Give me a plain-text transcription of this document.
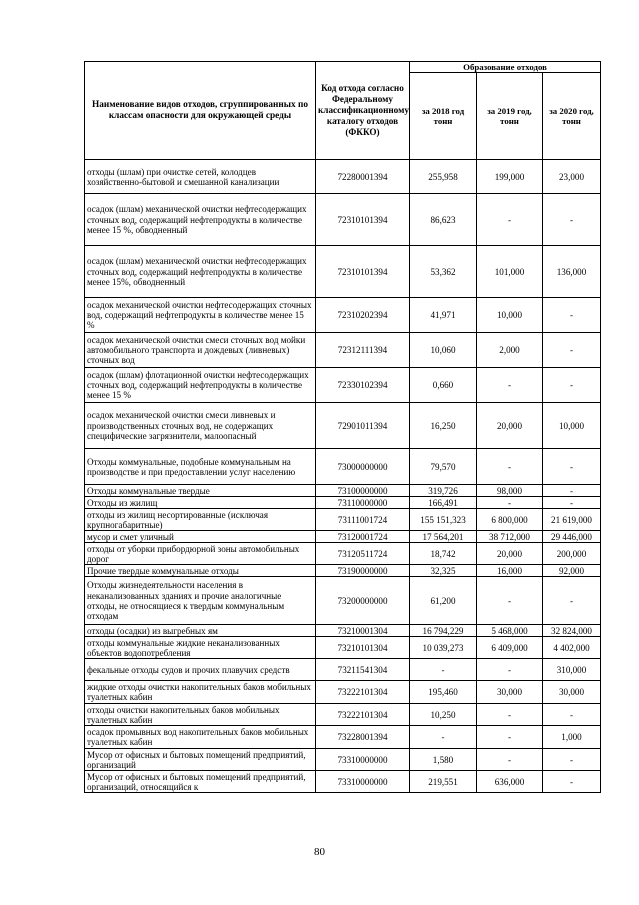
Наименование видов отходов, сгруппированных по классам опасности для окружающей среды	Код отхода согласно Федеральному классификационному каталогу отходов (ФККО)	Образование отходов		
		за 2018 год тонн	за 2019 год, тонн	за 2020 год, тонн
отходы (шлам) при очистке сетей, колодцев хозяйственно-бытовой и смешанной канализации	72280001394	255,958	199,000	23,000
осадок (шлам) механической очистки нефтесодержащих сточных вод, содержащий нефтепродукты в количестве менее 15 %, обводненный	72310101394	86,623	-	-
осадок (шлам) механической очистки нефтесодержащих сточных вод, содержащий нефтепродукты в количестве менее 15%, обводненный	72310101394	53,362	101,000	136,000
осадок механической очистки нефтесодержащих сточных вод, содержащий нефтепродукты в количестве менее 15 %	72310202394	41,971	10,000	-
осадок механической очистки смеси сточных вод мойки автомобильного транспорта и дождевых (ливневых) сточных вод	72312111394	10,060	2,000	-
осадок (шлам) флотационной очистки нефтесодержащих сточных вод, содержащий нефтепродукты в количестве менее 15 %	72330102394	0,660	-	-
осадок механической очистки смеси ливневых и производственных сточных вод, не содержащих специфические загрязнители, малоопасный	72901011394	16,250	20,000	10,000
Отходы коммунальные, подобные коммунальным на производстве и при предоставлении услуг населению	73000000000	79,570	-	-
Отходы коммунальные твердые	73100000000	319,726	98,000	-
Отходы из жилищ	73110000000	166,491	-	-
отходы из жилищ несортированные (исключая крупногабаритные)	73111001724	155 151,323	6 800,000	21 619,000
мусор и смет уличный	73120001724	17 564,201	38 712,000	29 446,000
отходы от уборки прибордюрной зоны автомобильных дорог	73120511724	18,742	20,000	200,000
Прочие твердые коммунальные отходы	73190000000	32,325	16,000	92,000
Отходы жизнедеятельности населения в неканализованных зданиях и прочие аналогичные отходы, не относящиеся к твердым коммунальным отходам	73200000000	61,200	-	-
отходы (осадки) из выгребных ям	73210001304	16 794,229	5 468,000	32 824,000
отходы коммунальные жидкие неканализованных объектов водопотребления	73210101304	10 039,273	6 409,000	4 402,000
фекальные отходы судов и прочих плавучих средств	73211541304	-	-	310,000
жидкие отходы очистки накопительных баков мобильных туалетных кабин	73222101304	195,460	30,000	30,000
отходы очистки накопительных баков мобильных туалетных кабин	73222101304	10,250	-	-
осадок промывных вод накопительных баков мобильных туалетных кабин	73228001394	-	-	1,000
Мусор от офисных и бытовых помещений предприятий, организаций	73310000000	1,580	-	-
Мусор от офисных и бытовых помещений предприятий, организаций, относящийся к	73310000000	219,551	636,000	-
80
